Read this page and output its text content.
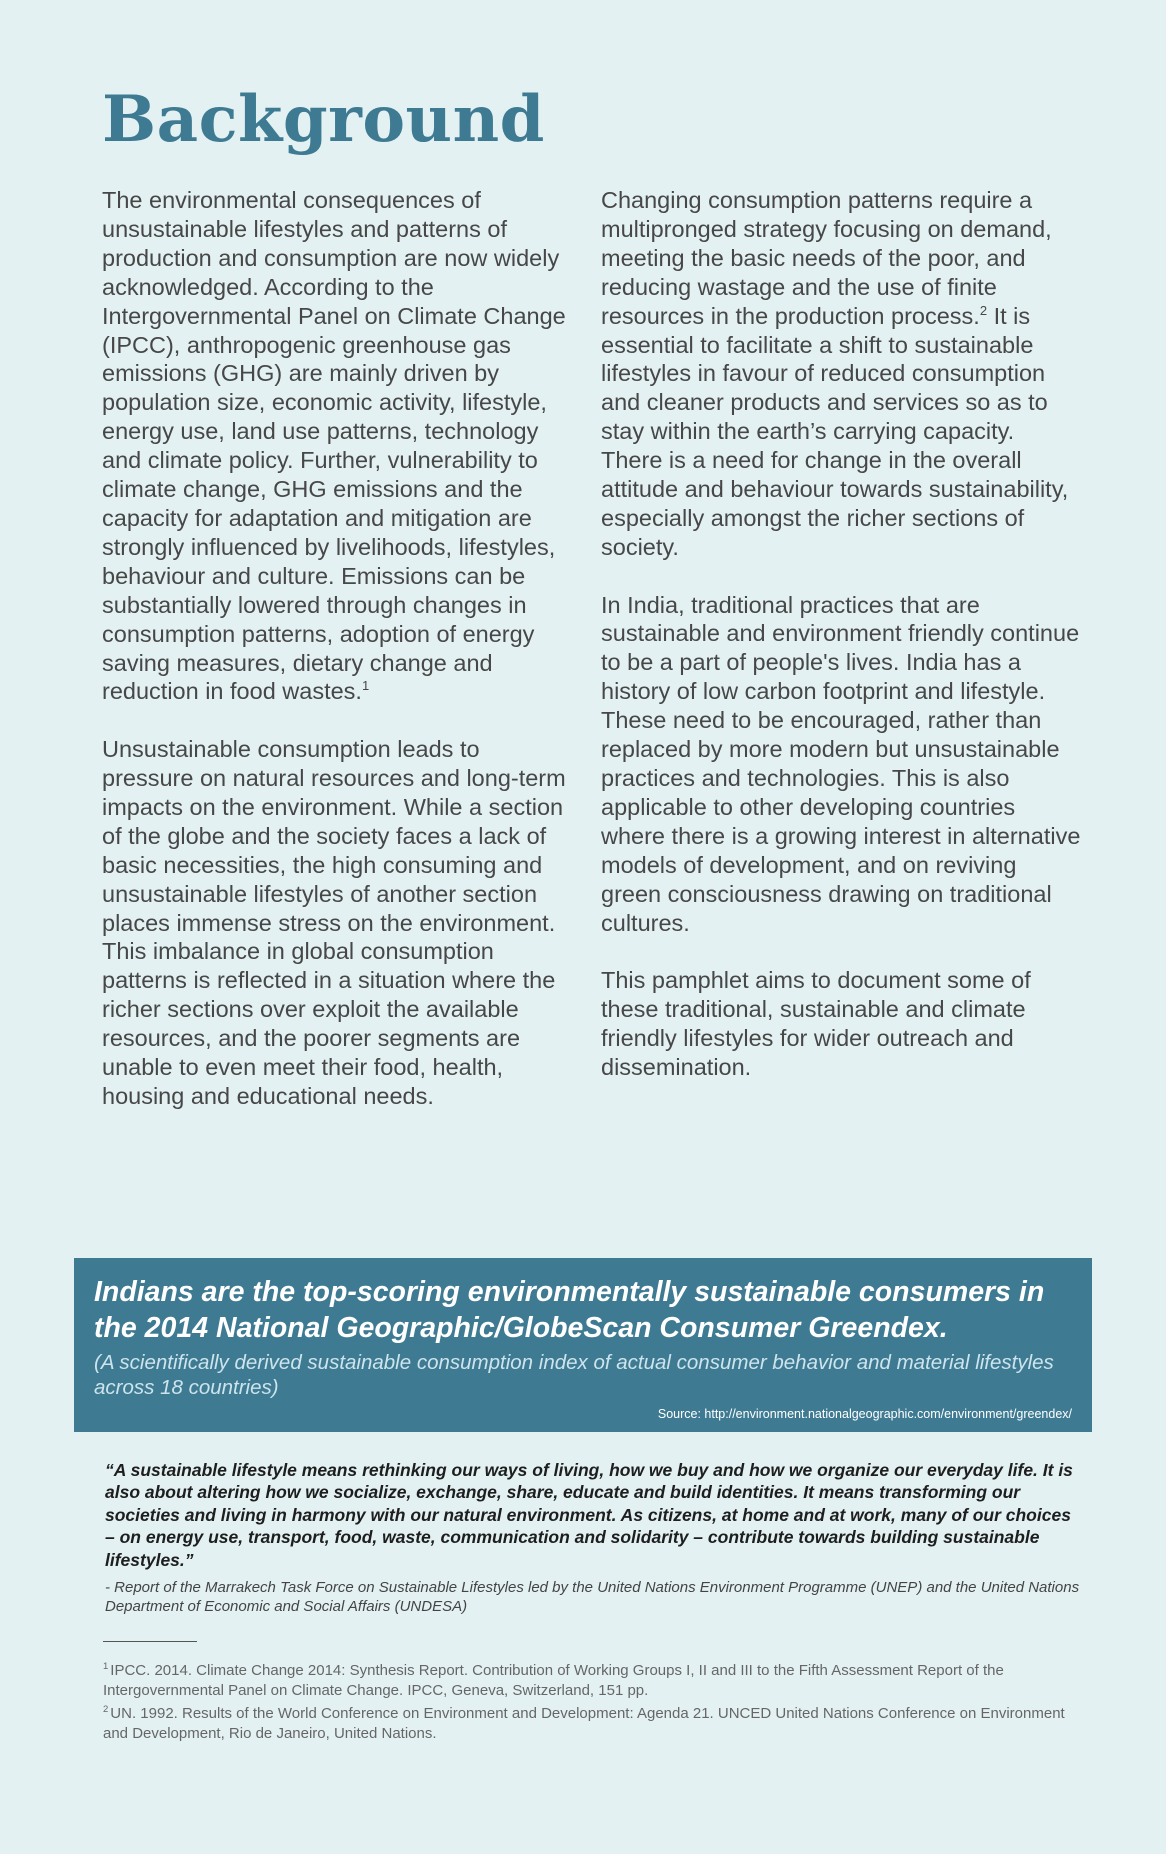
Background

The environmental consequences of unsustainable lifestyles and patterns of production and consumption are now widely acknowledged. According to the Intergovernmental Panel on Climate Change (IPCC), anthropogenic greenhouse gas emissions (GHG) are mainly driven by population size, economic activity, lifestyle, energy use, land use patterns, technology and climate policy. Further, vulnerability to climate change, GHG emissions and the capacity for adaptation and mitigation are strongly influenced by livelihoods, lifestyles, behaviour and culture. Emissions can be substantially lowered through changes in consumption patterns, adoption of energy saving measures, dietary change and reduction in food wastes.$^1$

Unsustainable consumption leads to pressure on natural resources and long-term impacts on the environment. While a section of the globe and the society faces a lack of basic necessities, the high consuming and unsustainable lifestyles of another section places immense stress on the environment. This imbalance in global consumption patterns is reflected in a situation where the richer sections over exploit the available resources, and the poorer segments are unable to even meet their food, health, housing and educational needs.

Changing consumption patterns require a multipronged strategy focusing on demand, meeting the basic needs of the poor, and reducing wastage and the use of finite resources in the production process.$^2$ It is essential to facilitate a shift to sustainable lifestyles in favour of reduced consumption and cleaner products and services so as to stay within the earth’s carrying capacity. There is a need for change in the overall attitude and behaviour towards sustainability, especially amongst the richer sections of society.

In India, traditional practices that are sustainable and environment friendly continue to be a part of people's lives. India has a history of low carbon footprint and lifestyle. These need to be encouraged, rather than replaced by more modern but unsustainable practices and technologies. This is also applicable to other developing countries where there is a growing interest in alternative models of development, and on reviving green consciousness drawing on traditional cultures.

This pamphlet aims to document some of these traditional, sustainable and climate friendly lifestyles for wider outreach and dissemination.

Indians are the top-scoring environmentally sustainable consumers in the 2014 National Geographic/GlobeScan Consumer Greendex.
(A scientifically derived sustainable consumption index of actual consumer behavior and material lifestyles across 18 countries)
Source: http://environment.nationalgeographic.com/environment/greendex/
“A sustainable lifestyle means rethinking our ways of living, how we buy and how we organize our everyday life. It is also about altering how we socialize, exchange, share, educate and build identities. It means transforming our societies and living in harmony with our natural environment. As citizens, at home and at work, many of our choices – on energy use, transport, food, waste, communication and solidarity – contribute towards building sustainable lifestyles.”
- Report of the Marrakech Task Force on Sustainable Lifestyles led by the United Nations Environment Programme (UNEP) and the United Nations Department of Economic and Social Affairs (UNDESA)
$^1$ IPCC. 2014. Climate Change 2014: Synthesis Report. Contribution of Working Groups I, II and III to the Fifth Assessment Report of the Intergovernmental Panel on Climate Change. IPCC, Geneva, Switzerland, 151 pp.
$^2$ UN. 1992. Results of the World Conference on Environment and Development: Agenda 21. UNCED United Nations Conference on Environment and Development, Rio de Janeiro, United Nations.
